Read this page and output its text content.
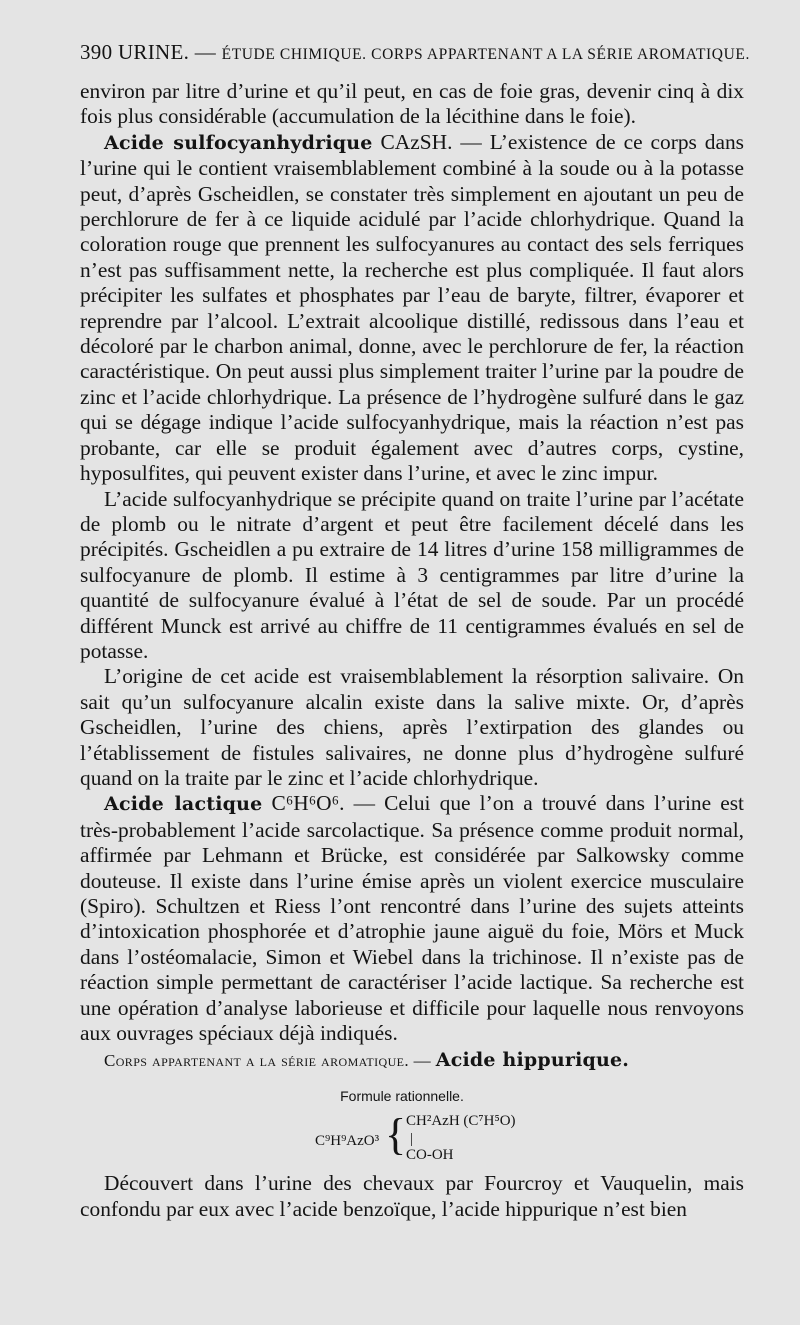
390 URINE. — ÉTUDE CHIMIQUE. CORPS APPARTENANT A LA SÉRIE AROMATIQUE.

environ par litre d’urine et qu’il peut, en cas de foie gras, devenir cinq à dix fois plus considérable (accumulation de la lécithine dans le foie).

Acide sulfocyanhydrique CAzSH. — L’existence de ce corps dans l’urine qui le contient vraisemblablement combiné à la soude ou à la potasse peut, d’après Gscheidlen, se constater très simplement en ajoutant un peu de perchlorure de fer à ce liquide acidulé par l’acide chlorhydrique. Quand la coloration rouge que prennent les sulfocyanures au contact des sels ferriques n’est pas suffisamment nette, la recherche est plus compliquée. Il faut alors précipiter les sulfates et phosphates par l’eau de baryte, filtrer, évaporer et reprendre par l’alcool. L’extrait alcoolique distillé, redissous dans l’eau et décoloré par le charbon animal, donne, avec le perchlorure de fer, la réaction caractéristique. On peut aussi plus simplement traiter l’urine par la poudre de zinc et l’acide chlorhydrique. La présence de l’hydrogène sulfuré dans le gaz qui se dégage indique l’acide sulfocyanhydrique, mais la réaction n’est pas probante, car elle se produit également avec d’autres corps, cystine, hyposulfites, qui peuvent exister dans l’urine, et avec le zinc impur.

L’acide sulfocyanhydrique se précipite quand on traite l’urine par l’acétate de plomb ou le nitrate d’argent et peut être facilement décelé dans les précipités. Gscheidlen a pu extraire de 14 litres d’urine 158 milligrammes de sulfocyanure de plomb. Il estime à 3 centigrammes par litre d’urine la quantité de sulfocyanure évalué à l’état de sel de soude. Par un procédé différent Munck est arrivé au chiffre de 11 centigrammes évalués en sel de potasse.

L’origine de cet acide est vraisemblablement la résorption salivaire. On sait qu’un sulfocyanure alcalin existe dans la salive mixte. Or, d’après Gscheidlen, l’urine des chiens, après l’extirpation des glandes ou l’établissement de fistules salivaires, ne donne plus d’hydrogène sulfuré quand on la traite par le zinc et l’acide chlorhydrique.

Acide lactique C⁶H⁶O⁶. — Celui que l’on a trouvé dans l’urine est très-probablement l’acide sarcolactique. Sa présence comme produit normal, affirmée par Lehmann et Brücke, est considérée par Salkowsky comme douteuse. Il existe dans l’urine émise après un violent exercice musculaire (Spiro). Schultzen et Riess l’ont rencontré dans l’urine des sujets atteints d’intoxication phosphorée et d’atrophie jaune aiguë du foie, Mörs et Muck dans l’ostéomalacie, Simon et Wiebel dans la trichinose. Il n’existe pas de réaction simple permettant de caractériser l’acide lactique. Sa recherche est une opération d’analyse laborieuse et difficile pour laquelle nous renvoyons aux ouvrages spéciaux déjà indiqués.

Corps appartenant a la série aromatique. — Acide hippurique.
Formule rationnelle.
C⁹H⁹AzO³ { CH²AzH (C⁷H⁵O)
|
CO-OH

Découvert dans l’urine des chevaux par Fourcroy et Vauquelin, mais confondu par eux avec l’acide benzoïque, l’acide hippurique n’est bien
